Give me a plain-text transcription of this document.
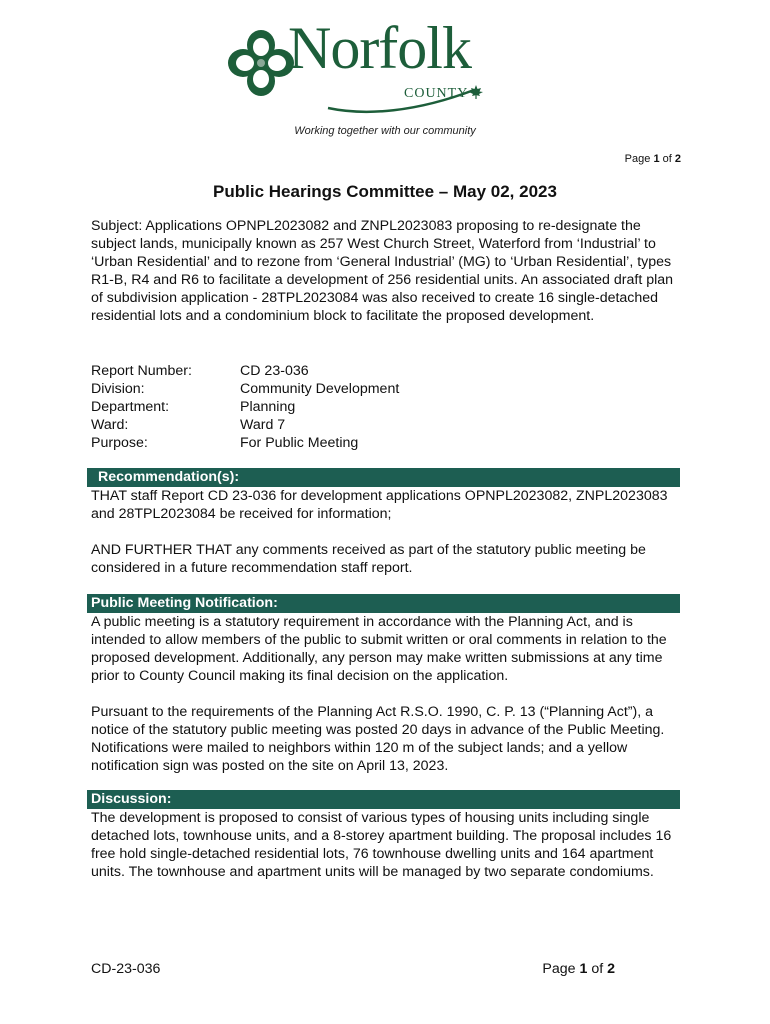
Norfolk
COUNTY
Working together with our community
Page 1 of 2
Public Hearings Committee – May 02, 2023
Subject: Applications OPNPL2023082 and ZNPL2023083 proposing to re-designate the subject lands, municipally known as 257 West Church Street, Waterford from ‘Industrial’ to ‘Urban Residential’ and to rezone from ‘General Industrial’ (MG) to ‘Urban Residential’, types R1-B, R4 and R6 to facilitate a development of 256 residential units. An associated draft plan of subdivision application - 28TPL2023084 was also received to create 16 single-detached residential lots and a condominium block to facilitate the proposed development.
Report Number:	CD 23-036
Division:	Community Development
Department:	Planning
Ward:	Ward 7
Purpose:	For Public Meeting
Recommendation(s):
THAT staff Report CD 23-036 for development applications OPNPL2023082, ZNPL2023083 and 28TPL2023084 be received for information;
AND FURTHER THAT any comments received as part of the statutory public meeting be considered in a future recommendation staff report.
Public Meeting Notification:
A public meeting is a statutory requirement in accordance with the Planning Act, and is intended to allow members of the public to submit written or oral comments in relation to the proposed development. Additionally, any person may make written submissions at any time prior to County Council making its final decision on the application.
Pursuant to the requirements of the Planning Act R.S.O. 1990, C. P. 13 (“Planning Act”), a notice of the statutory public meeting was posted 20 days in advance of the Public Meeting. Notifications were mailed to neighbors within 120 m of the subject lands; and a yellow notification sign was posted on the site on April 13, 2023.
Discussion:
The development is proposed to consist of various types of housing units including single detached lots, townhouse units, and a 8-storey apartment building. The proposal includes 16 free hold single-detached residential lots, 76 townhouse dwelling units and 164 apartment units. The townhouse and apartment units will be managed by two separate condomiums.
CD-23-036	Page 1 of 2
